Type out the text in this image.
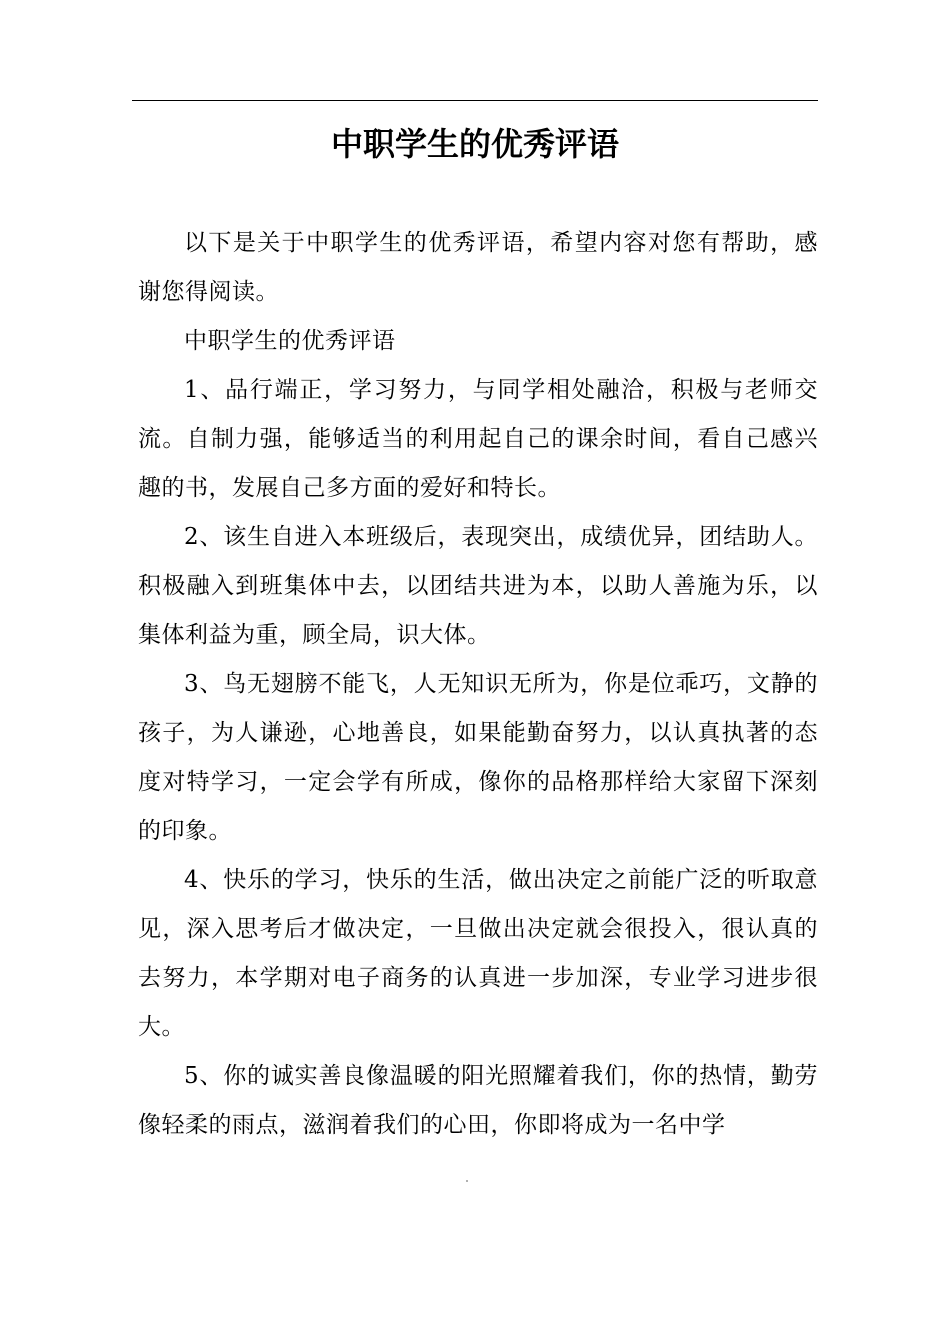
中职学生的优秀评语

以下是关于中职学生的优秀评语，希望内容对您有帮助，感谢您得阅读。

中职学生的优秀评语

1、品行端正，学习努力，与同学相处融洽，积极与老师交流。自制力强，能够适当的利用起自己的课余时间，看自己感兴趣的书，发展自己多方面的爱好和特长。

2、该生自进入本班级后，表现突出，成绩优异，团结助人。积极融入到班集体中去，以团结共进为本，以助人善施为乐，以集体利益为重，顾全局，识大体。

3、鸟无翅膀不能飞，人无知识无所为，你是位乖巧，文静的孩子，为人谦逊，心地善良，如果能勤奋努力，以认真执著的态度对特学习，一定会学有所成，像你的品格那样给大家留下深刻的印象。

4、快乐的学习，快乐的生活，做出决定之前能广泛的听取意见，深入思考后才做决定，一旦做出决定就会很投入，很认真的去努力，本学期对电子商务的认真进一步加深，专业学习进步很大。

5、你的诚实善良像温暖的阳光照耀着我们，你的热情，勤劳像轻柔的雨点，滋润着我们的心田，你即将成为一名中学
